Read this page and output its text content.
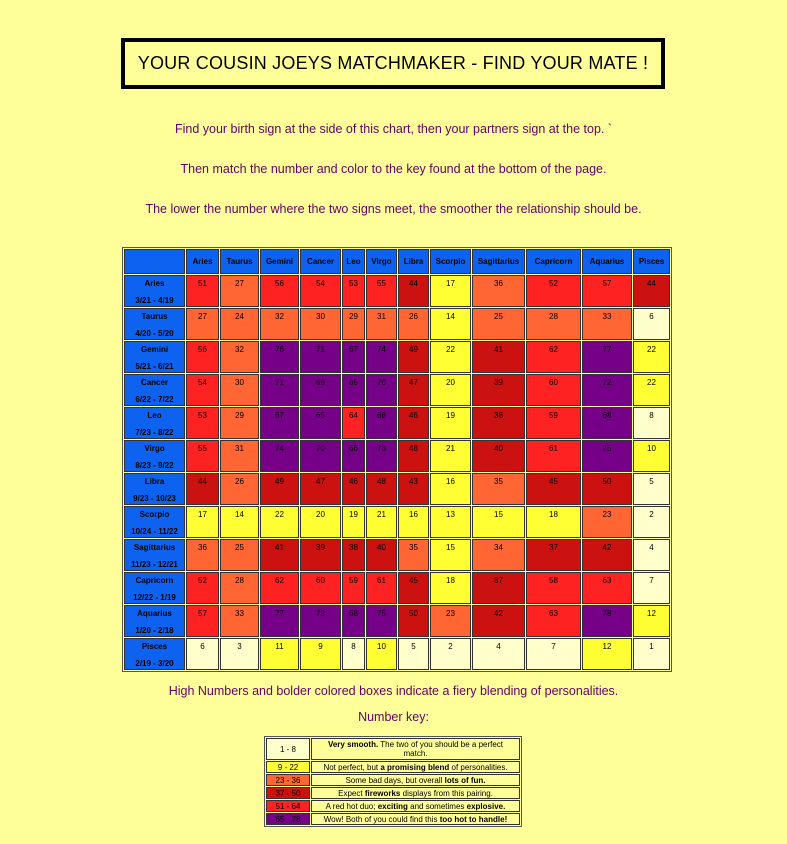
YOUR COUSIN JOEYS MATCHMAKER - FIND YOUR MATE !
Find your birth sign at the side of this chart, then your partners sign at the top. `
Then match the number and color to the key found at the bottom of the page.
The lower the number where the two signs meet, the smoother the relationship should be.
	Aries	Taurus	Gemini	Cancer	Leo	Virgo	Libra	Scorpio	Sagittarius	Capricorn	Aquarius	Pisces

Aries
3/21 - 4/19	51	27	56	54	53	55	44	17	36	52	57	44

Taurus
4/20 - 5/20	27	24	32	30	29	31	26	14	25	28	33	6

Gemini
5/21 - 6/21	56	32	76	71	67	74	49	22	41	62	77	22

Cancer
6/22 - 7/22	54	30	71	69	65	70	47	20	39	60	72	22

Leo
7/23 - 8/22	53	29	67	65	64	66	46	19	38	59	68	8

Virgo
8/23 - 9/22	55	31	74	70	66	73	48	21	40	61	75	10

Libra
9/23 - 10/23	44	26	49	47	46	48	43	16	35	45	50	5

Scorpio
10/24 - 11/22	17	14	22	20	19	21	16	13	15	18	23	2

Sagittarius
11/23 - 12/21	36	25	41	39	38	40	35	15	34	37	42	4

Capricorn
12/22 - 1/19	52	28	62	60	59	61	45	18	37	58	63	7

Aquarius
1/20 - 2/18	57	33	77	72	68	75	50	23	42	63	78	12

Pisces
2/19 - 3/20	6	3	11	9	8	10	5	2	4	7	12	1
High Numbers and bolder colored boxes indicate a fiery blending of personalities.
Number key:
1 - 8	Very smooth. The two of you should be a perfect match.
9 - 22	Not perfect, but a promising blend of personalities.
23 - 36	Some bad days, but overall lots of fun.
37 - 50	Expect fireworks displays from this pairing.
51 - 64	A red hot duo; exciting and sometimes explosive.
65 - 78	Wow! Both of you could find this too hot to handle!
